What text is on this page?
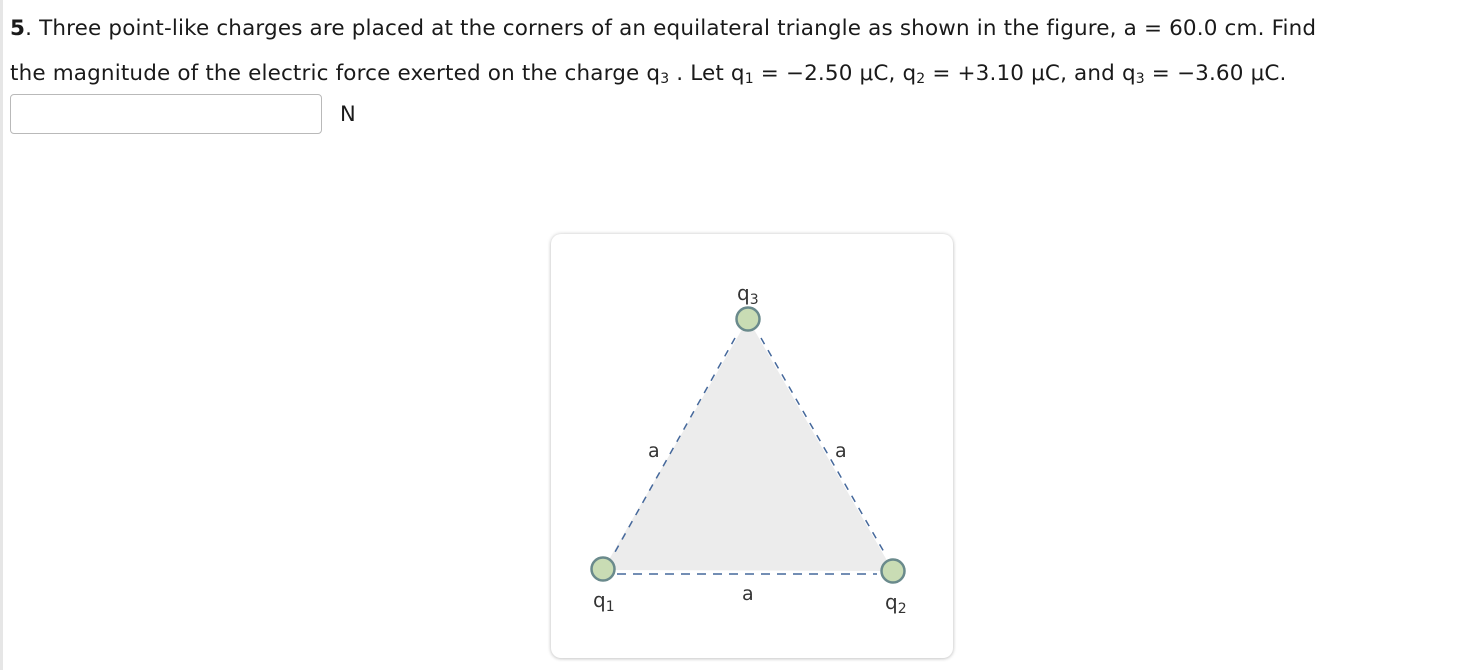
5. Three point-like charges are placed at the corners of an equilateral triangle as shown in the figure, a = 60.0 cm. Find
the magnitude of the electric force exerted on the charge $q_3$ . Let $q_1 = -2.50$ μC, $q_2 = +3.10$ μC, and $q_3 = -3.60$ μC.
N
$q_3$
$q_1$	$q_2$
a	a
a
